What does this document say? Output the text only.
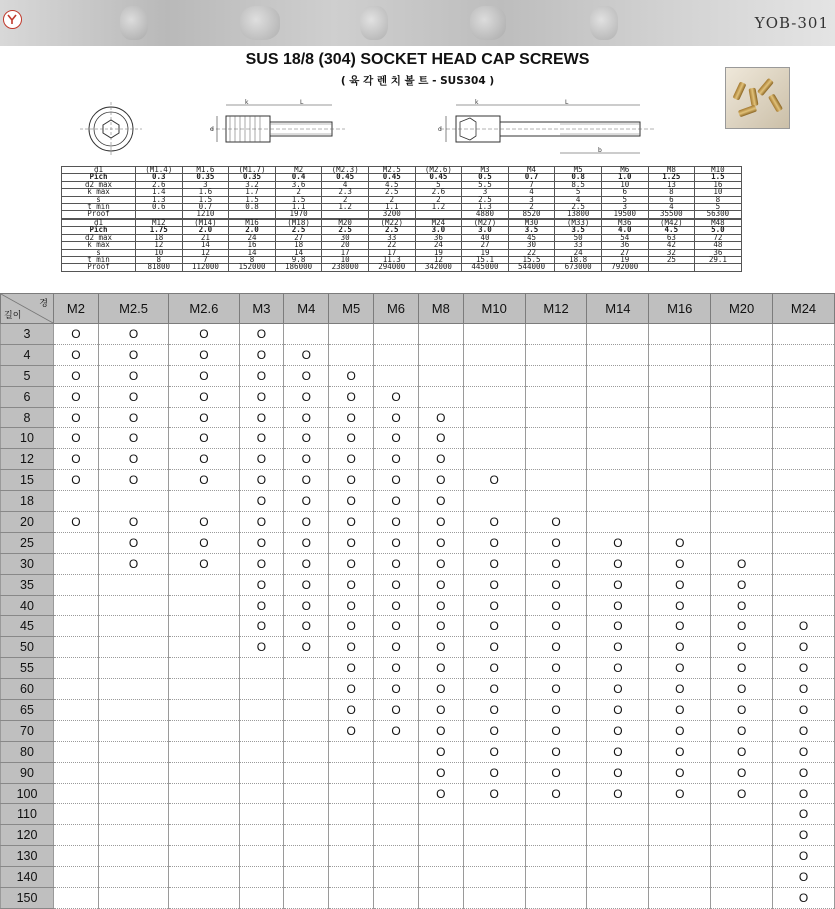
YOB-301
SUS 18/8 (304) SOCKET HEAD CAP SCREWS
( 육 각 렌 치 볼 트 - SUS304 )
k	L
d
k	L
b
d
d1	(M1.4)	M1.6	(M1.7)	M2	(M2.3)	M2.5	(M2.6)	M3	M4	M5	M6	M8	M10
Pich	0.3	0.35	0.35	0.4	0.45	0.45	0.45	0.5	0.7	0.8	1.0	1.25	1.5
d2 max	2.6	3	3.2	3.6	4	4.5	5	5.5	7	8.5	10	13	16
k max	1.4	1.6	1.7	2	2.3	2.5	2.6	3	4	5	6	8	10
s	1.3	1.5	1.5	1.5	2	2	2	2.5	3	4	5	6	8
t min	0.6	0.7	0.8	1.1	1.2	1.1	1.2	1.3	2	2.5	3	4	5
Proof		1210		1970		3200		4880	8520	13800	19500	35500	56300
d1	M12	(M14)	M16	(M18)	M20	(M22)	M24	(M27)	M30	(M33)	M36	(M42)	M48
Pich	1.75	2.0	2.0	2.5	2.5	2.5	3.0	3.0	3.5	3.5	4.0	4.5	5.0
d2 max	18	21	24	27	30	33	36	40	45	50	54	63	72
k max	12	14	16	18	20	22	24	27	30	33	36	42	48
s	10	12	14	14	17	17	19	19	22	24	27	32	36
t min	8	7	8	9.8	10	11.3	12	15.1	15.5	18.8	19	25	29.1
Proof	81800	112000	152000	186000	238000	294000	342000	445000	544000	673000	792000		
경
길이	M2	M2.5	M2.6	M3	M4	M5	M6	M8	M10	M12	M14	M16	M20	M24
3	O	O	O	O										
4	O	O	O	O	O									
5	O	O	O	O	O	O								
6	O	O	O	O	O	O	O							
8	O	O	O	O	O	O	O	O						
10	O	O	O	O	O	O	O	O						
12	O	O	O	O	O	O	O	O						
15	O	O	O	O	O	O	O	O	O					
18				O	O	O	O	O						
20	O	O	O	O	O	O	O	O	O	O				
25		O	O	O	O	O	O	O	O	O	O	O		
30		O	O	O	O	O	O	O	O	O	O	O	O	
35				O	O	O	O	O	O	O	O	O	O	
40				O	O	O	O	O	O	O	O	O	O	
45				O	O	O	O	O	O	O	O	O	O	O
50				O	O	O	O	O	O	O	O	O	O	O
55						O	O	O	O	O	O	O	O	O
60						O	O	O	O	O	O	O	O	O
65						O	O	O	O	O	O	O	O	O
70						O	O	O	O	O	O	O	O	O
80								O	O	O	O	O	O	O
90								O	O	O	O	O	O	O
100								O	O	O	O	O	O	O
110														O
120														O
130														O
140														O
150														O
